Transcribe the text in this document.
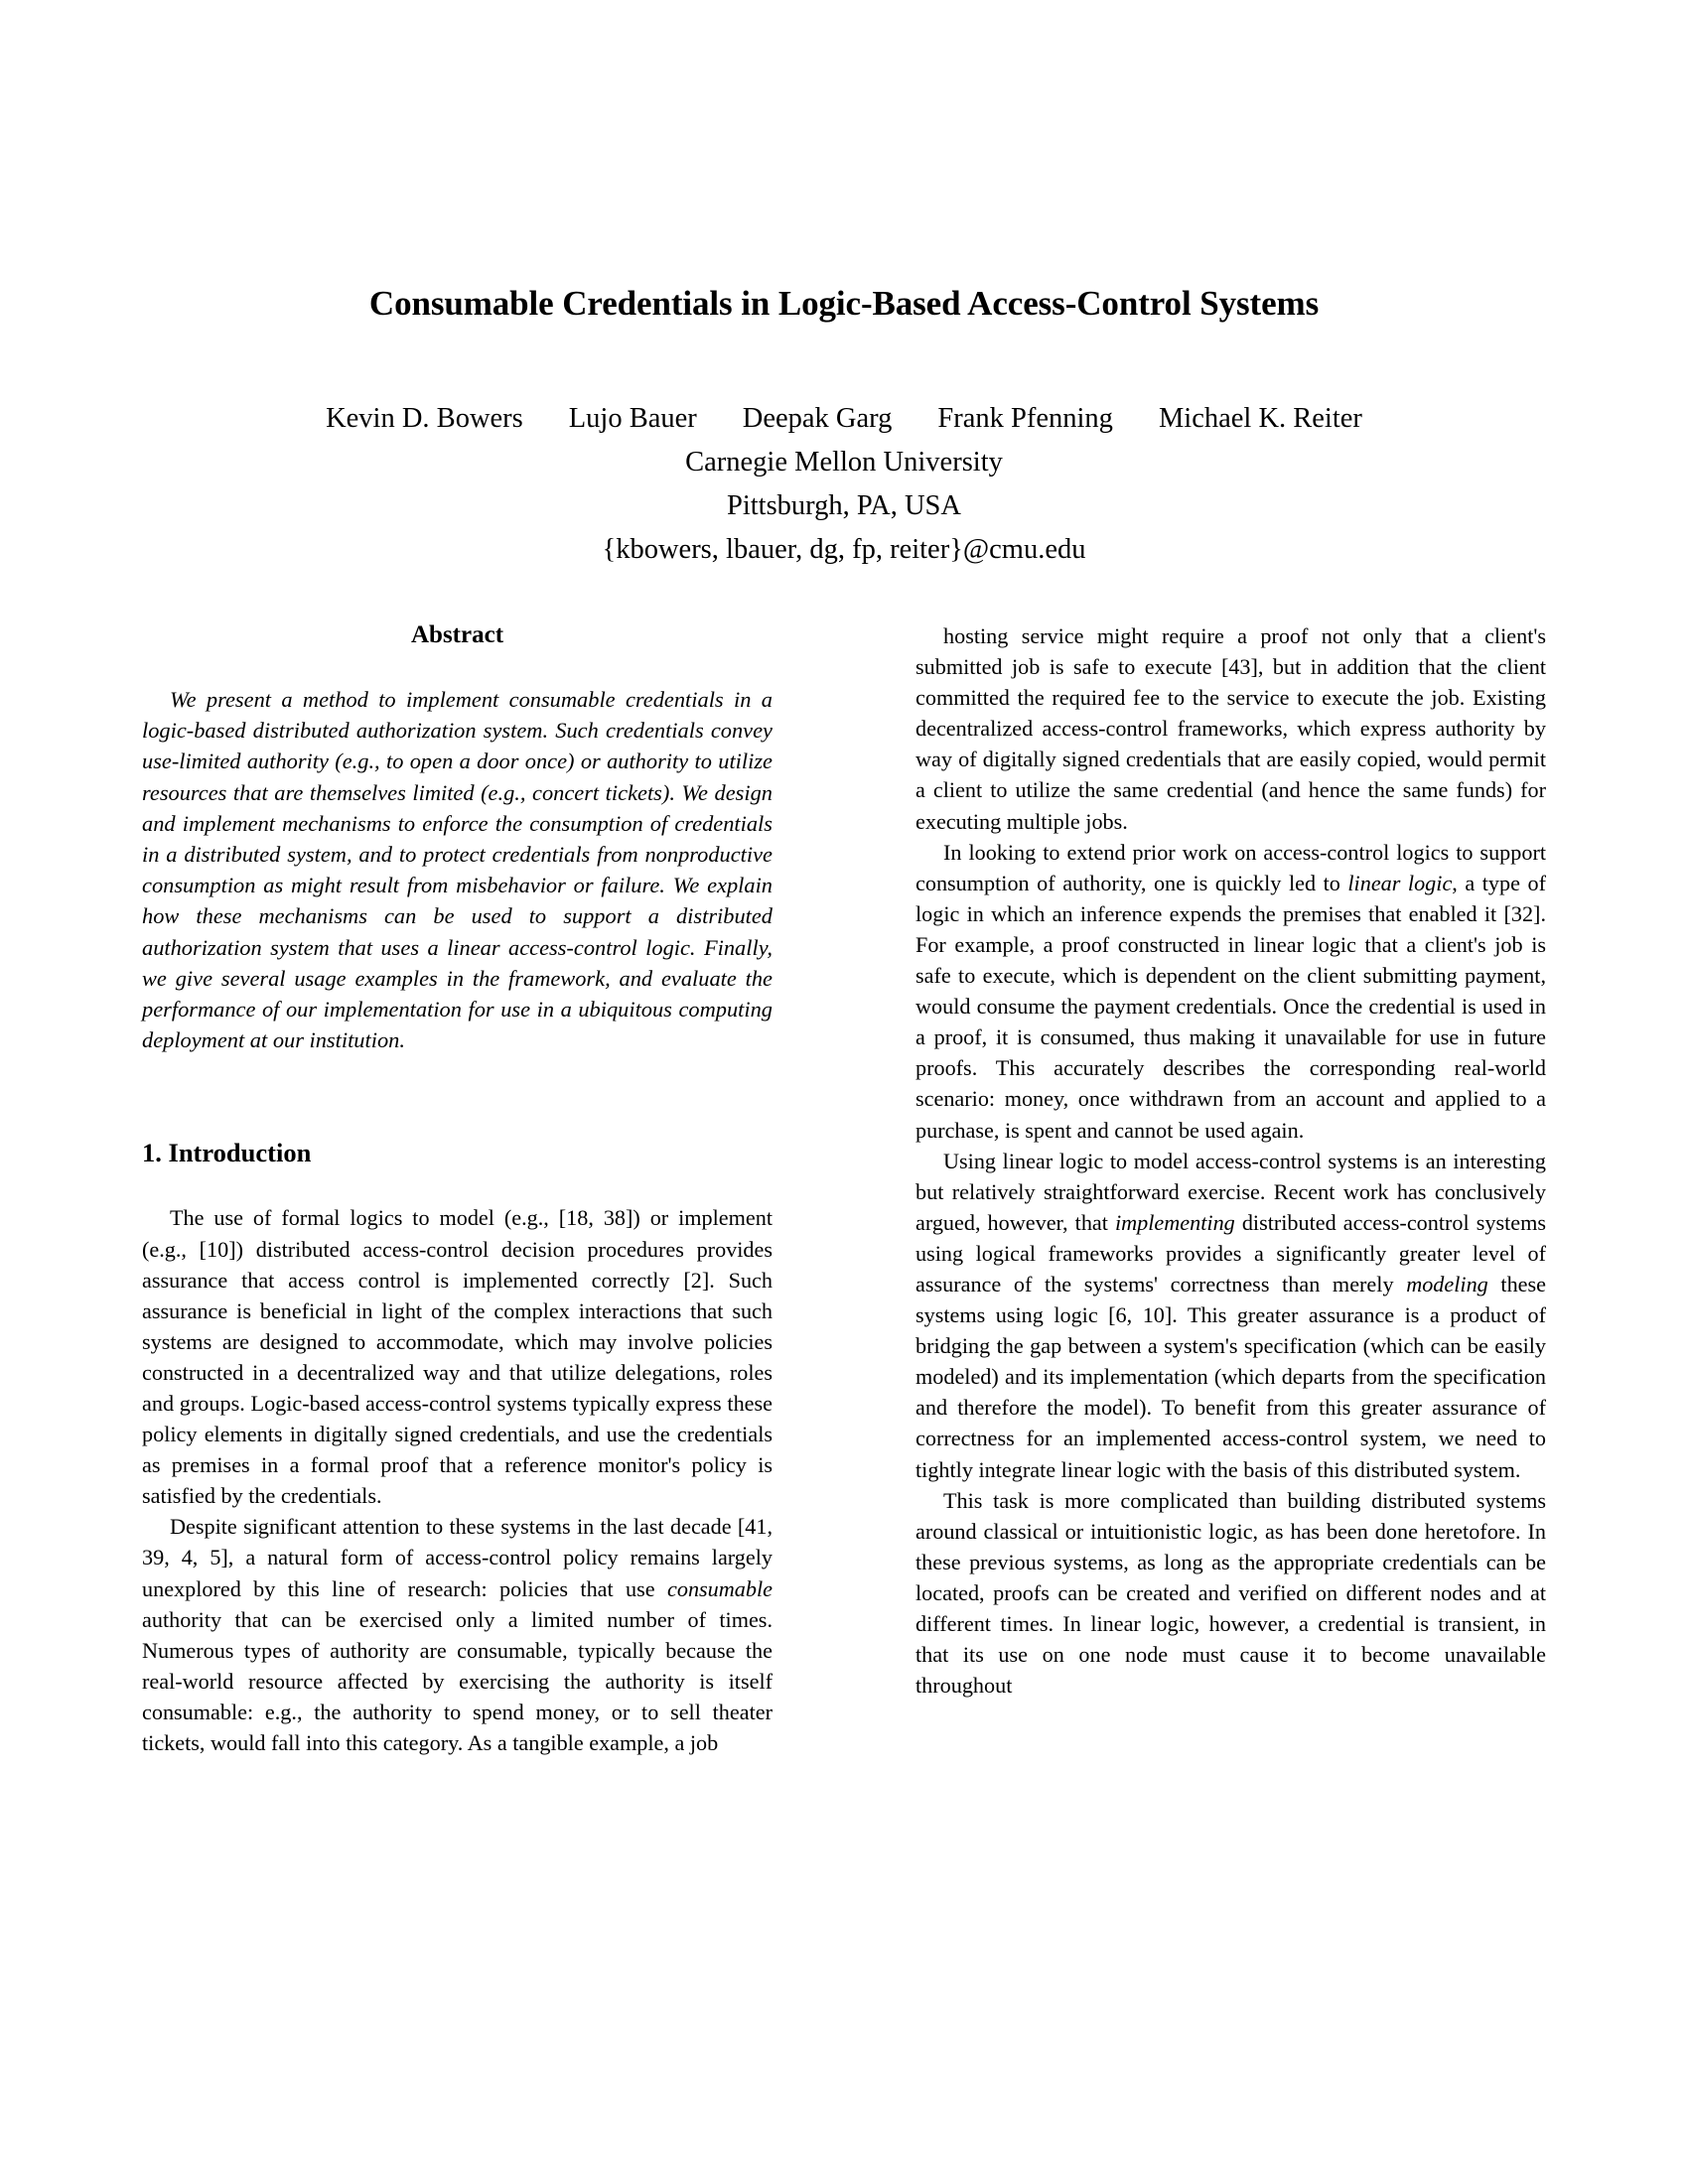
Consumable Credentials in Logic-Based Access-Control Systems
Kevin D. Bowers Lujo Bauer Deepak Garg Frank Pfenning Michael K. Reiter
Carnegie Mellon University
Pittsburgh, PA, USA
{kbowers, lbauer, dg, fp, reiter}@cmu.edu
Abstract

We present a method to implement consumable credentials in a logic-based distributed authorization system. Such credentials convey use-limited authority (e.g., to open a door once) or authority to utilize resources that are themselves limited (e.g., concert tickets). We design and implement mechanisms to enforce the consumption of credentials in a distributed system, and to protect credentials from nonproductive consumption as might result from misbehavior or failure. We explain how these mechanisms can be used to support a distributed authorization system that uses a linear access-control logic. Finally, we give several usage examples in the framework, and evaluate the performance of our implementation for use in a ubiquitous computing deployment at our institution.

1. Introduction

The use of formal logics to model (e.g., [18, 38]) or implement (e.g., [10]) distributed access-control decision procedures provides assurance that access control is implemented correctly [2]. Such assurance is beneficial in light of the complex interactions that such systems are designed to accommodate, which may involve policies constructed in a decentralized way and that utilize delegations, roles and groups. Logic-based access-control systems typically express these policy elements in digitally signed credentials, and use the credentials as premises in a formal proof that a reference monitor's policy is satisfied by the credentials.

Despite significant attention to these systems in the last decade [41, 39, 4, 5], a natural form of access-control policy remains largely unexplored by this line of research: policies that use consumable authority that can be exercised only a limited number of times. Numerous types of authority are consumable, typically because the real-world resource affected by exercising the authority is itself consumable: e.g., the authority to spend money, or to sell theater tickets, would fall into this category. As a tangible example, a job

hosting service might require a proof not only that a client's submitted job is safe to execute [43], but in addition that the client committed the required fee to the service to execute the job. Existing decentralized access-control frameworks, which express authority by way of digitally signed credentials that are easily copied, would permit a client to utilize the same credential (and hence the same funds) for executing multiple jobs.

In looking to extend prior work on access-control logics to support consumption of authority, one is quickly led to linear logic, a type of logic in which an inference expends the premises that enabled it [32]. For example, a proof constructed in linear logic that a client's job is safe to execute, which is dependent on the client submitting payment, would consume the payment credentials. Once the credential is used in a proof, it is consumed, thus making it unavailable for use in future proofs. This accurately describes the corresponding real-world scenario: money, once withdrawn from an account and applied to a purchase, is spent and cannot be used again.

Using linear logic to model access-control systems is an interesting but relatively straightforward exercise. Recent work has conclusively argued, however, that implementing distributed access-control systems using logical frameworks provides a significantly greater level of assurance of the systems' correctness than merely modeling these systems using logic [6, 10]. This greater assurance is a product of bridging the gap between a system's specification (which can be easily modeled) and its implementation (which departs from the specification and therefore the model). To benefit from this greater assurance of correctness for an implemented access-control system, we need to tightly integrate linear logic with the basis of this distributed system.

This task is more complicated than building distributed systems around classical or intuitionistic logic, as has been done heretofore. In these previous systems, as long as the appropriate credentials can be located, proofs can be created and verified on different nodes and at different times. In linear logic, however, a credential is transient, in that its use on one node must cause it to become unavailable throughout
